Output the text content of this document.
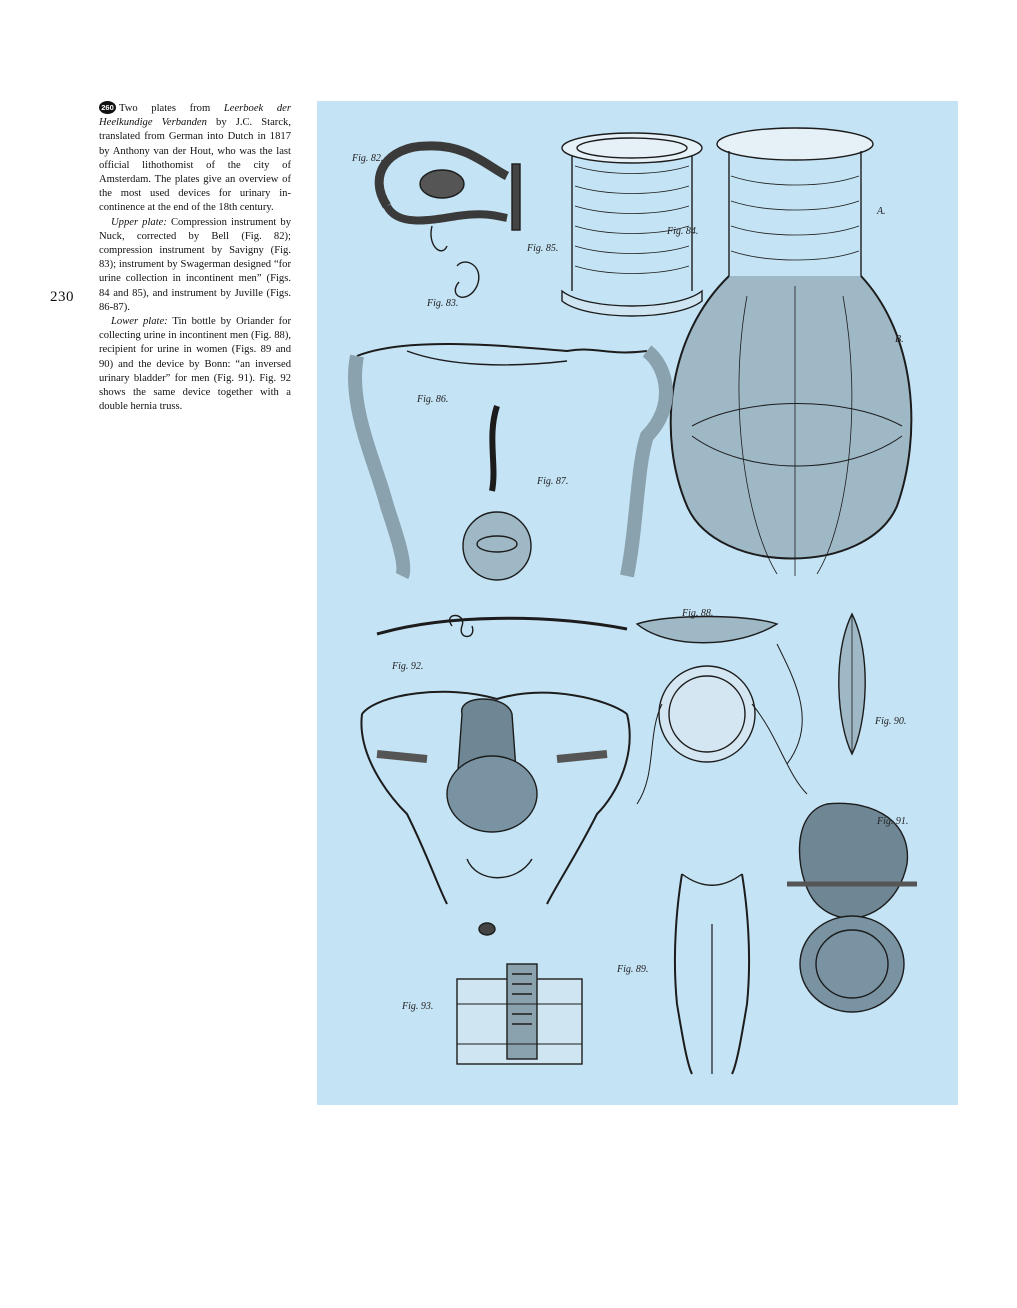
230

260 Two plates from Leerboek der Heelkundige Verbanden by J.C. Starck, translated from German into Dutch in 1817 by Anthony van der Hout, who was the last official lithothomist of the city of Amsterdam. The plates give an overview of the most used devices for urinary incontinence at the end of the 18th century.

Upper plate: Compression instrument by Nuck, corrected by Bell (Fig. 82); compression instrument by Savigny (Fig. 83); instrument by Swagerman designed “for urine collection in incontinent men” (Figs. 84 and 85), and instrument by Juville (Figs. 86-87).

Lower plate: Tin bottle by Oriander for collecting urine in incontinent men (Fig. 88), recipient for urine in women (Figs. 89 and 90) and the device by Bonn: “an inversed urinary bladder” for men (Fig. 91). Fig. 92 shows the same device together with a double hernia truss.

Fig. 82.
Fig. 83.
Fig. 85.
Fig. 84.
Fig. 86.
Fig. 87.
A.
B.
Fig. 92.
Fig. 88.
Fig. 89.
Fig. 90.
Fig. 91.
Fig. 93.
